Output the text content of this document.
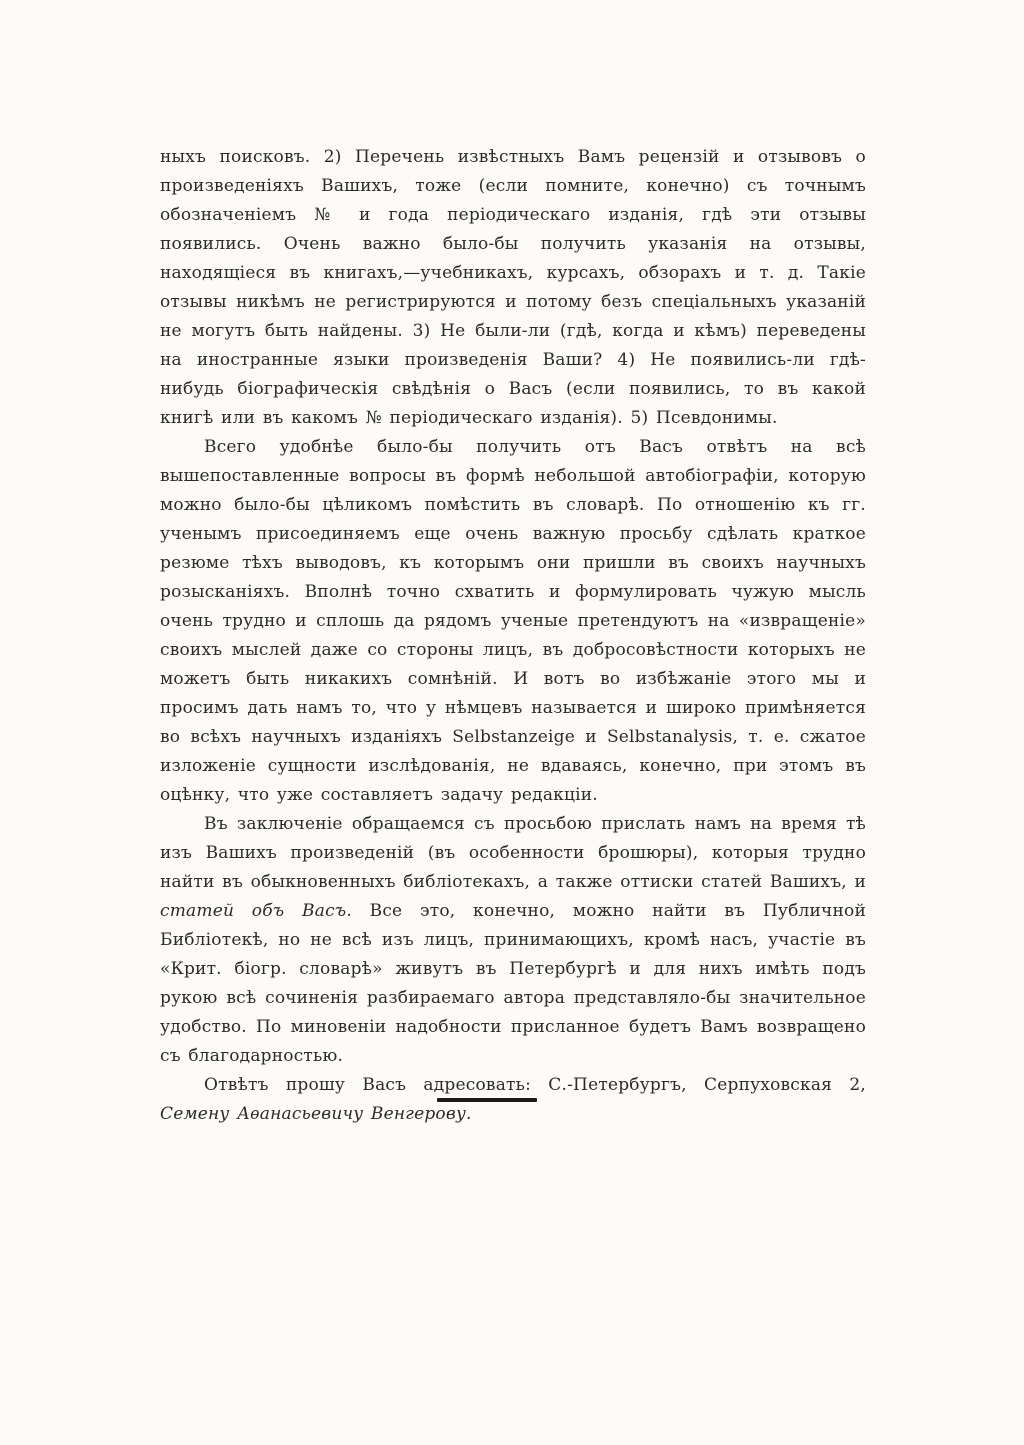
ныхъ поисковъ. 2) Перечень извѣстныхъ Вамъ рецензій и отзывовъ о произведеніяхъ Вашихъ, тоже (если помните, конечно) съ точнымъ обозначеніемъ № и года періодическаго изданія, гдѣ эти отзывы появились. Очень важно было-бы получить указанія на отзывы, находящіеся въ книгахъ,—учебникахъ, курсахъ, обзорахъ и т. д. Такіе отзывы никѣмъ не регистрируются и потому безъ спеціальныхъ указаній не могутъ быть найдены. 3) Не были-ли (гдѣ, когда и кѣмъ) переведены на иностранные языки произведенія Ваши? 4) Не появились-ли гдѣ-нибудь біографическія свѣдѣнія о Васъ (если появились, то въ какой книгѣ или въ какомъ № періодическаго изданія). 5) Псевдонимы.

Всего удобнѣе было-бы получить отъ Васъ отвѣтъ на всѣ вышепоставленные вопросы въ формѣ небольшой автобіографіи, которую можно было-бы цѣликомъ помѣстить въ словарѣ. По отношенію къ гг. ученымъ присоединяемъ еще очень важную просьбу сдѣлать краткое резюме тѣхъ выводовъ, къ которымъ они пришли въ своихъ научныхъ розысканіяхъ. Вполнѣ точно схватить и формулировать чужую мысль очень трудно и сплошь да рядомъ ученые претендуютъ на «извращеніе» своихъ мыслей даже со стороны лицъ, въ добросовѣстности которыхъ не можетъ быть никакихъ сомнѣній. И вотъ во избѣжаніе этого мы и просимъ дать намъ то, что у нѣмцевъ называется и широко примѣняется во всѣхъ научныхъ изданіяхъ Selbstanzeige и Selbstanalysis, т. е. сжатое изложеніе сущности изслѣдованія, не вдаваясь, конечно, при этомъ въ оцѣнку, что уже составляетъ задачу редакціи.

Въ заключеніе обращаемся съ просьбою прислать намъ на время тѣ изъ Вашихъ произведеній (въ особенности брошюры), которыя трудно найти въ обыкновенныхъ библіотекахъ, а также оттиски статей Вашихъ, и статей объ Васъ. Все это, конечно, можно найти въ Публичной Библіотекѣ, но не всѣ изъ лицъ, принимающихъ, кромѣ насъ, участіе въ «Крит. біогр. словарѣ» живутъ въ Петербургѣ и для нихъ имѣть подъ рукою всѣ сочиненія разбираемаго автора представляло-бы значительное удобство. По миновеніи надобности присланное будетъ Вамъ возвращено съ благодарностью.

Отвѣтъ прошу Васъ адресовать: С.-Петербургъ, Серпуховская 2, Семену Аѳанасьевичу Венгерову.
